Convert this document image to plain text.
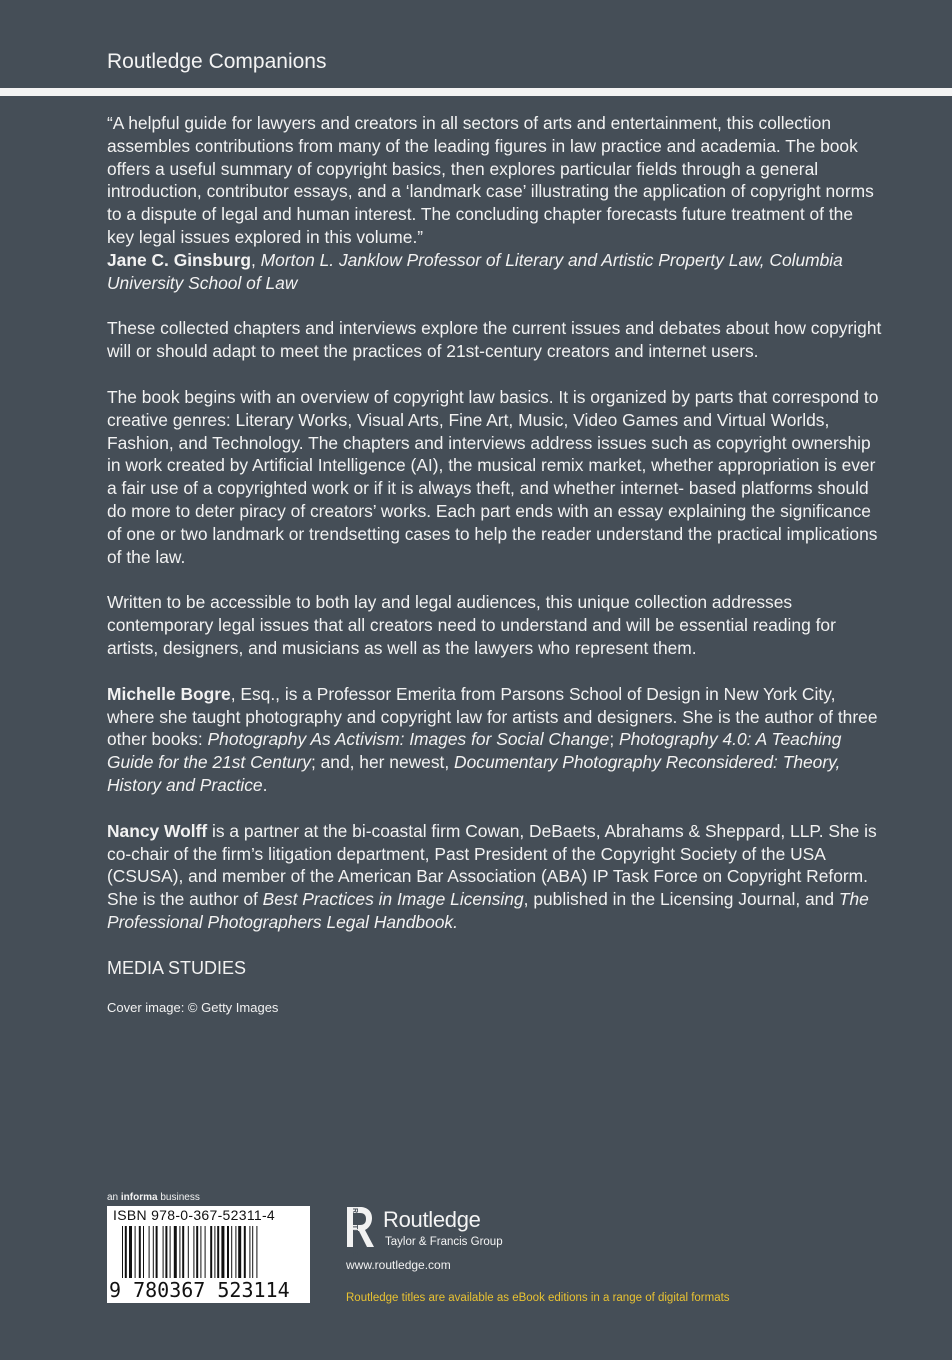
Routledge Companions

“A helpful guide for lawyers and creators in all sectors of arts and entertainment, this collection assembles contributions from many of the leading figures in law practice and academia. The book offers a useful summary of copyright basics, then explores particular fields through a general introduction, contributor essays, and a ‘landmark case’ illustrating the application of copyright norms to a dispute of legal and human interest. The concluding chapter forecasts future treatment of the key legal issues explored in this volume.”
Jane C. Ginsburg, Morton L. Janklow Professor of Literary and Artistic Property Law, Columbia University School of Law

These collected chapters and interviews explore the current issues and debates about how copyright will or should adapt to meet the practices of 21st-century creators and internet users.

The book begins with an overview of copyright law basics. It is organized by parts that correspond to creative genres: Literary Works, Visual Arts, Fine Art, Music, Video Games and Virtual Worlds, Fashion, and Technology. The chapters and interviews address issues such as copyright ownership in work created by Artificial Intelligence (AI), the musical remix market, whether appropriation is ever a fair use of a copyrighted work or if it is always theft, and whether internet- based platforms should do more to deter piracy of creators’ works. Each part ends with an essay explaining the significance of one or two landmark or trendsetting cases to help the reader understand the practical implications of the law.

Written to be accessible to both lay and legal audiences, this unique collection addresses contemporary legal issues that all creators need to understand and will be essential reading for artists, designers, and musicians as well as the lawyers who represent them.

Michelle Bogre, Esq., is a Professor Emerita from Parsons School of Design in New York City, where she taught photography and copyright law for artists and designers. She is the author of three other books: Photography As Activism: Images for Social Change; Photography 4.0: A Teaching Guide for the 21st Century; and, her newest, Documentary Photography Reconsidered: Theory, History and Practice.

Nancy Wolff is a partner at the bi-coastal firm Cowan, DeBaets, Abrahams & Sheppard, LLP. She is co-chair of the firm’s litigation department, Past President of the Copyright Society of the USA (CSUSA), and member of the American Bar Association (ABA) IP Task Force on Copyright Reform. She is the author of Best Practices in Image Licensing, published in the Licensing Journal, and The Professional Photographers Legal Handbook.

MEDIA STUDIES

Cover image: © Getty Images

an informa business
ISBN 978-0-367-52311-4
9 780367 523114
Routledge
Taylor & Francis Group
ROUTLEDGE
www.routledge.com
Routledge titles are available as eBook editions in a range of digital formats
